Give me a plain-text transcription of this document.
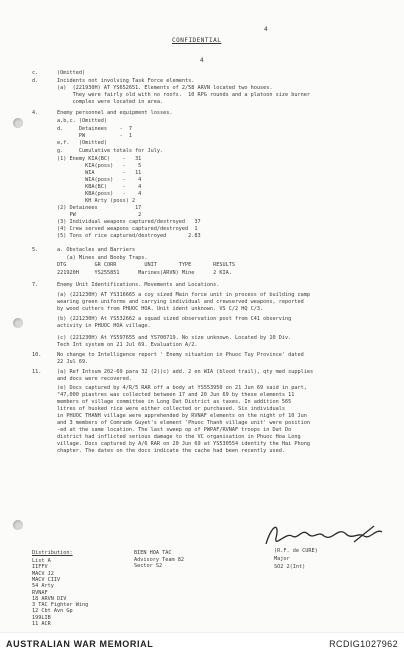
4
CONFIDENTIAL
4
c.      (Omitted)
d.      Incidents not involving Task Force elements.
(a)  (221930H) AT YS652651. Elements of 2/58 ARVN located two houses.
They were fairly old with no roofs.  10 RPG rounds and a platoon size burner
complex were located in area.
4.      Enemy personnel and equipment losses.
a,b,c. (Omitted)
d.     Detainees    -  7
PW           -  1
e,f.   (Omitted)
g.     Cumulative totals for July.
(1) Enemy KIA(BC)    -   31
KIA(poss)   -    5
WIA         -   11
WIA(poss)   -    4
KBA(BC)     -    4
KBA(poss)   -    4
KH Arty (poss) 2
(2) Detainees            17
PW                    2
(3) Individual weapons captured/destroyed   37
(4) Crew served weapons captured/destroyed  1
(5) Tons of rice captured/destroyed       2.83
5.      a. Obstacles and Barriers
(a) Mines and Booby Traps.
DTG         GR CORR         UNIT       TYPE       RESULTS
221920H     YS255851      Marines(ARVN) Mine      2 KIA.
7.      Enemy Unit Identifications. Movements and Locations.
(a) (221230H) AT YS316665 a coy sized Main force unit in process of building camp
wearing green uniforms and carrying individual and crewserved weapons, reported
by wood cutters from PHUOC HOA. Unit ident unknown. VS C/2 HQ C/3.
(b) (221230H) At YS532662 a squad sized observation post from C41 observing
activity in PHUOC HOA village.
(c) (221230H) At YS597655 and YS700719. No size unknown. Located by 10 Div.
Tech Int system on 21 Jul 69. Evaluation A/2.
10.     No change to Intelligence report ' Enemy situation in Phuoc Tuy Province' dated
22 Jul 69.
11.     (a) Ref Intsum 202-69 para 32 (2)(c) add. 2 en WIA (blood trail), qty med supplies
and docs were recovered.
(e) Docs captured by 4/R/5 RAR off a body at YS553950 on 21 Jun 69 said in part,
"47,000 piastres was collected between 17 and 20 Jun 69 by these elements 11
members of village committee in Long Dat District as taxes. In addition 565
litres of husked rice were either collected or purchased. Six individuals
in PHUOC THANH village were apprehended by RVNAF elements on the night of 10 Jun
and 3 members of Comrade Guyet's element 'Phuoc Thanh village unit' were position
-ed at the same location. The last sweep op of PWPAF/RVNAF troops in Dat Do
district had inflicted serious damage to the VC organisation in Phuoc Hoa Long
village. Docs captured by A/6 RAR on 20 Jun 69 at YS530554 identify the Hai Phong
chapter. The dates on the docs indicate the cache had been recently used.
(R.F. de CURE)
Major
SO2 2(Int)
Distribution:
List A
IIFFV
MACV J2
MACV CIIV
54 Arty
RVNAF
18 ARVN DIV
3 TAC Fighter Wing
12 Cbt Avn Gp
199LIB
11 ACR
BIEN HOA TAC
Advisory Team 82
Sector S2
AUSTRALIAN WAR MEMORIAL	RCDIG1027962
